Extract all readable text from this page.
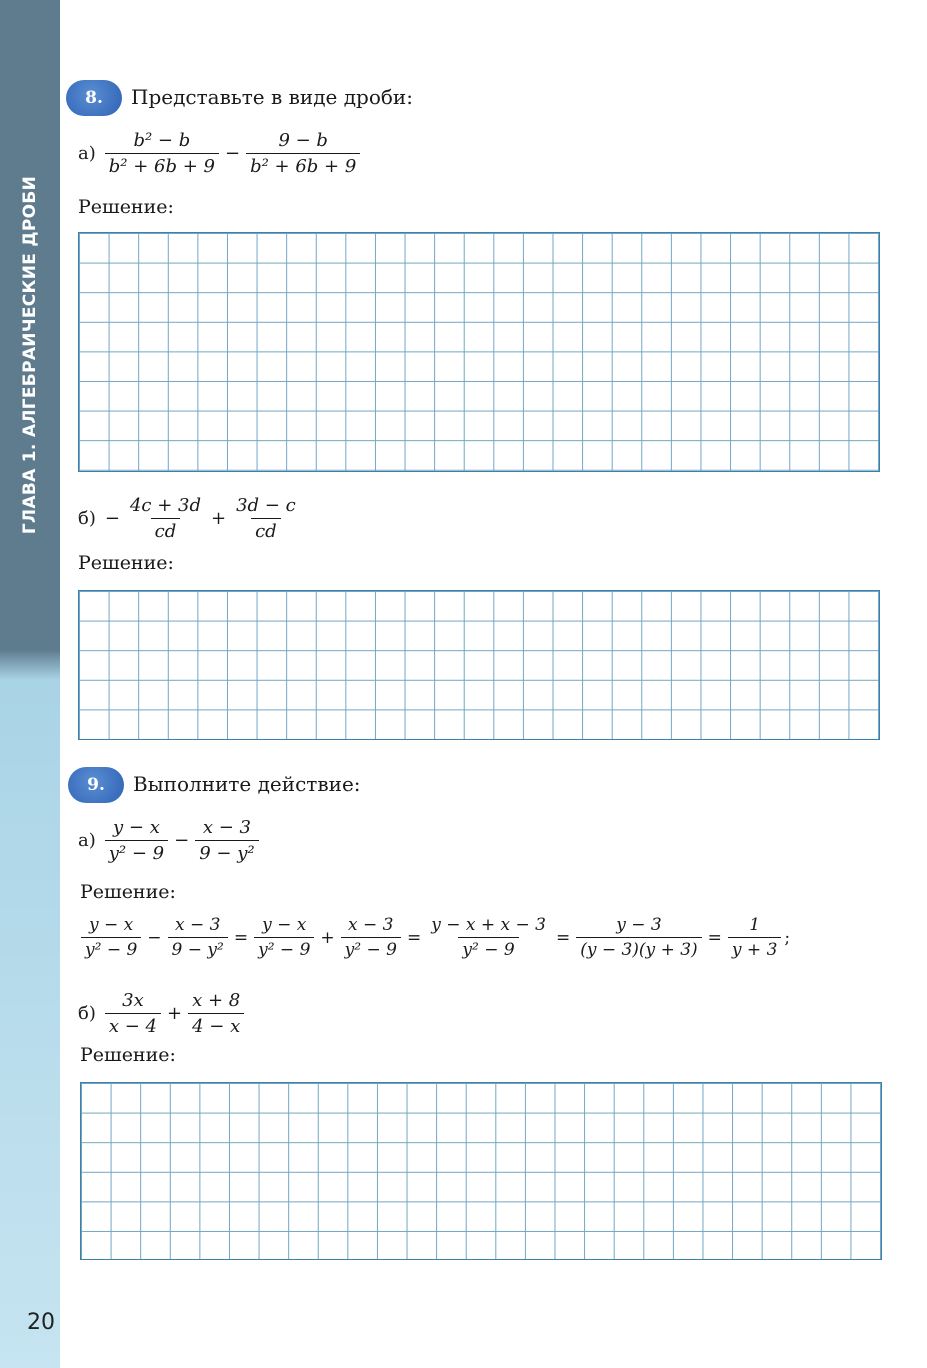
ГЛАВА 1. АЛГЕБРАИЧЕСКИЕ ДРОБИ
20
8.	Представьте в виде дроби:
$а) \frac{\text{b² − b}}{\text{b² + 6b + 9}} - \frac{9 - b}{\text{b² + 6b + 9}}$
Решение:
$б) - \frac{4c + 3d}{cd} + \frac{3d - c}{cd}$
Решение:
9.	Выполните действие:
$а) \frac{y - x}{\text{y² − 9}} - \frac{x - 3}{\text{9 − y²}}$
Решение:
$\frac{y - x}{\text{y² − 9}} - \frac{x - 3}{\text{9 − y²}} = \frac{y - x}{\text{y² − 9}} + \frac{x - 3}{\text{y² − 9}} = \frac{y - x + x - 3}{\text{y² − 9}} = \frac{y - 3}{(y - 3)(y + 3)} = \frac{1}{y + 3}$ ;
$б) \frac{3x}{x - 4} + \frac{x + 8}{4 - x}$
Решение:
